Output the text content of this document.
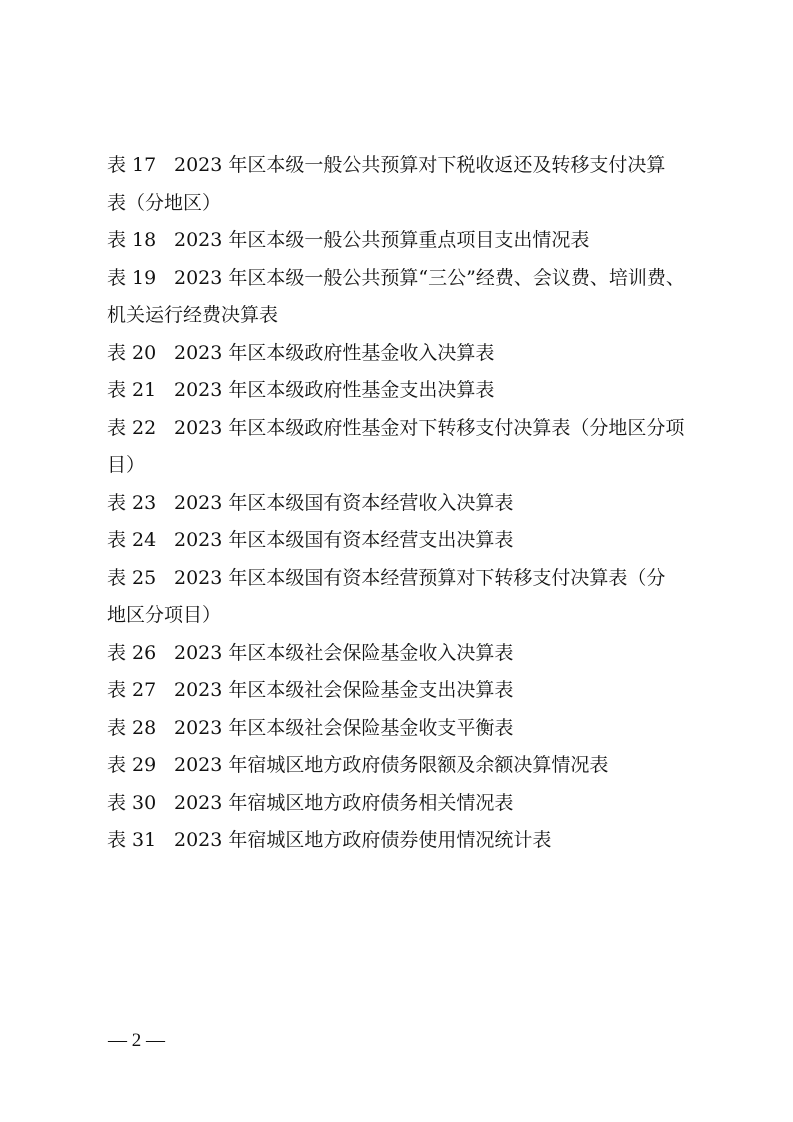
表 17 2023 年区本级一般公共预算对下税收返还及转移支付决算
表（分地区）
表 18 2023 年区本级一般公共预算重点项目支出情况表
表 19 2023 年区本级一般公共预算“三公”经费、会议费、培训费、
机关运行经费决算表
表 20 2023 年区本级政府性基金收入决算表
表 21 2023 年区本级政府性基金支出决算表
表 22 2023 年区本级政府性基金对下转移支付决算表（分地区分项
目）
表 23 2023 年区本级国有资本经营收入决算表
表 24 2023 年区本级国有资本经营支出决算表
表 25 2023 年区本级国有资本经营预算对下转移支付决算表（分
地区分项目）
表 26 2023 年区本级社会保险基金收入决算表
表 27 2023 年区本级社会保险基金支出决算表
表 28 2023 年区本级社会保险基金收支平衡表
表 29 2023 年宿城区地方政府债务限额及余额决算情况表
表 30 2023 年宿城区地方政府债务相关情况表
表 31 2023 年宿城区地方政府债券使用情况统计表
— 2 —
